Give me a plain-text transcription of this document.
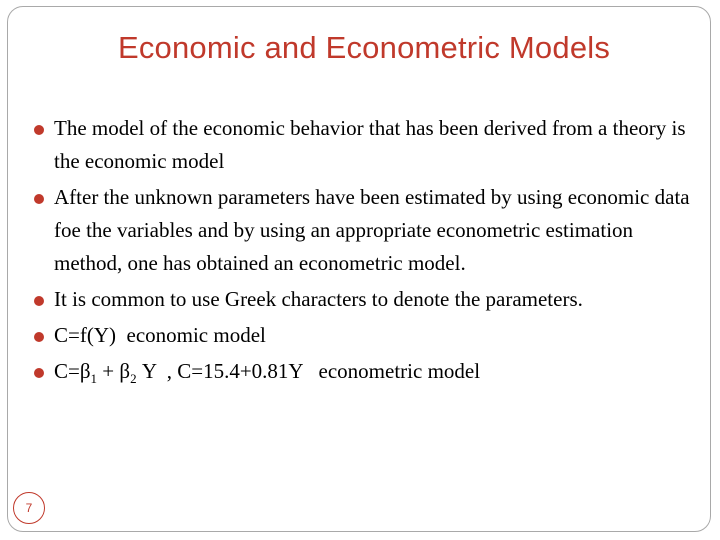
Economic and Econometric Models
The model of the economic behavior that has been derived from a theory is the economic model
After the unknown parameters have been estimated by using economic data foe the variables and by using an appropriate econometric estimation method, one has obtained an econometric model.
It is common to use Greek characters to denote the parameters.
C=f(Y)  economic model
$C=\beta_1 + \beta_2$ Y  , C=15.4+0.81Y   econometric model
7
